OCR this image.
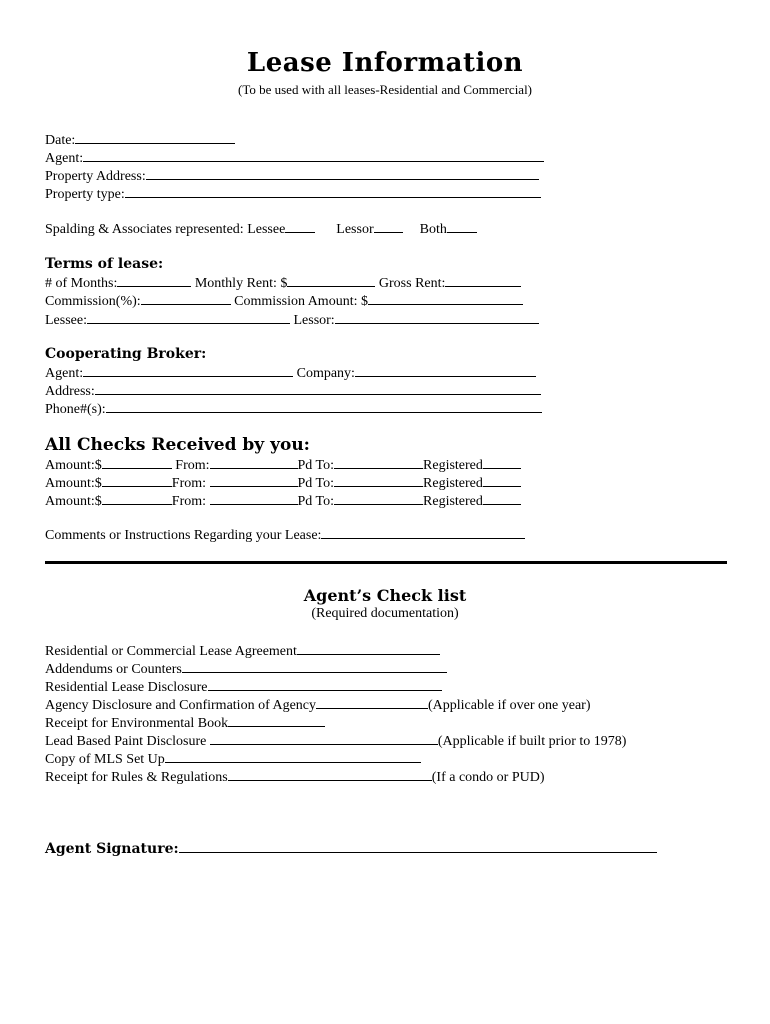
Lease Information
(To be used with all leases-Residential and Commercial)
Date:
Agent:
Property Address:
Property type:
Spalding & Associates represented: Lessee	Lessor	Both
Terms of lease:
# of Months:	Monthly Rent: $	Gross Rent:
Commission(%):	Commission Amount: $
Lessee:	Lessor:
Cooperating Broker:
Agent:	Company:
Address:
Phone#(s):
All Checks Received by you:
Amount:$	From:	Pd To:	Registered
Amount:$	From:	Pd To:	Registered
Amount:$	From:	Pd To:	Registered
Comments or Instructions Regarding your Lease:
Agent’s Check list
(Required documentation)
Residential or Commercial Lease Agreement
Addendums or Counters
Residential Lease Disclosure
Agency Disclosure and Confirmation of Agency	(Applicable if over one year)
Receipt for Environmental Book
Lead Based Paint Disclosure	(Applicable if built prior to 1978)
Copy of MLS Set Up
Receipt for Rules & Regulations	(If a condo or PUD)
Agent Signature:
